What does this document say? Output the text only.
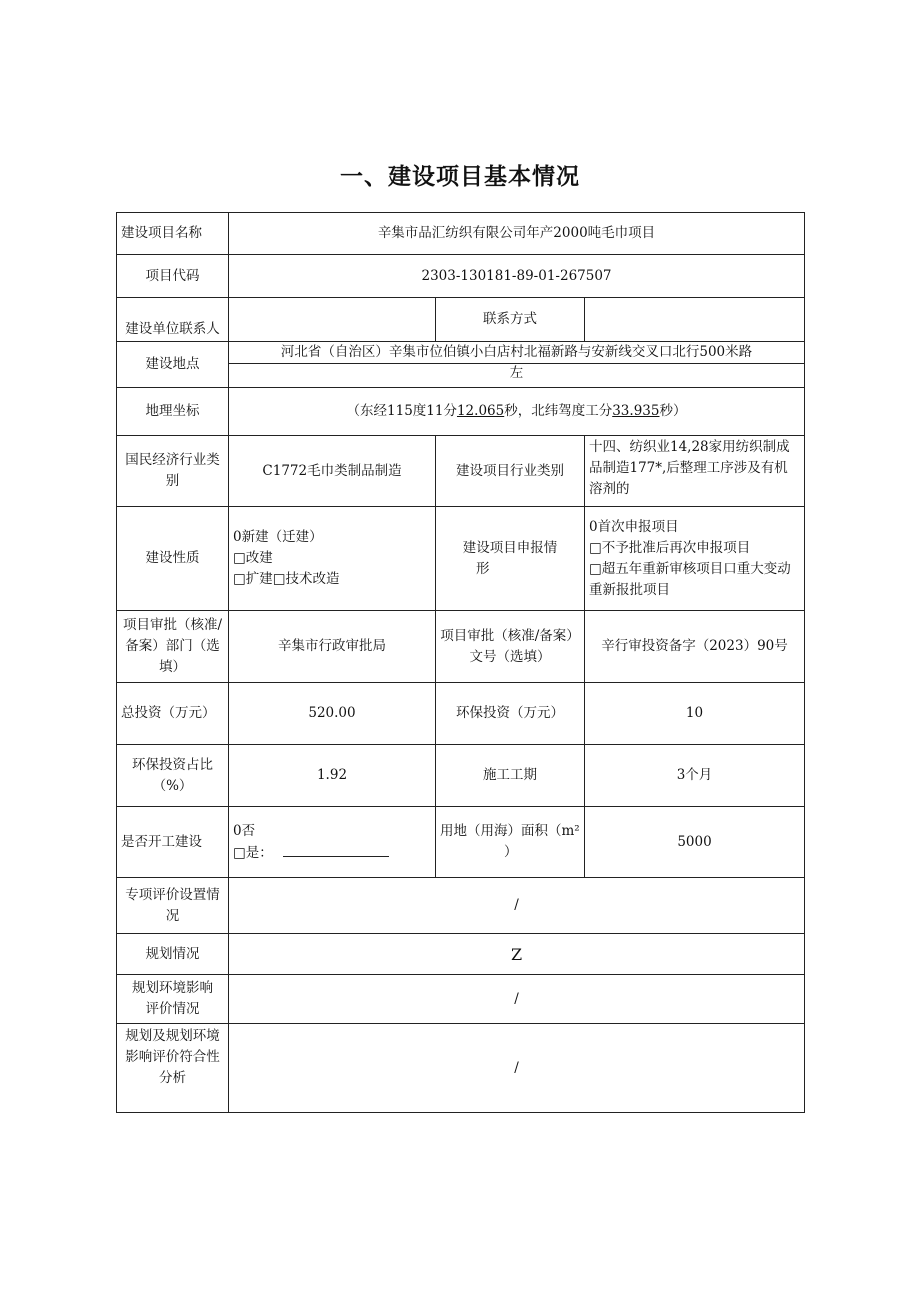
一、建设项目基本情况
建设项目名称	辛集市品汇纺织有限公司年产2000吨毛巾项目		
项目代码	2303-130181-89-01-267507		
建设单位联系人		联系方式	
建设地点	河北省（自治区）辛集市位伯镇小白店村北福新路与安新线交叉口北行500米路		
	左		
地理坐标	（东经115度11分12.065秒，北纬驾度工分33.935秒）		

国民经济行业类
别	C1772毛巾类制品制造	建设项目行业类别	十四、纺织业14,28家用纺织制成品制造177*,后整理工序涉及有机溶剂的
建设性质	0新建（迁建）
□改建
□扩建□技术改造	建设项目申报情
形	0首次申报项目
□不予批准后再次申报项目
□超五年重新审核项目口重大变动重新报批项目

项目审批（核准/
备案）部门（选填）	辛集市行政审批局	项目审批（核准/备案）
文号（选填）	辛行审投资备字（2023）90号
总投资（万元）	520.00	环保投资（万元）	10

环保投资占比
（%）	1.92	施工工期	3个月
是否开工建设	0否
□是：	用地（用海）面积（m²
）	5000

专项评价设置情
况	/		
规划情况	Z		

规划环境影响
评价情况	/		

规划及规划环境
影响评价符合性
分析	/		
